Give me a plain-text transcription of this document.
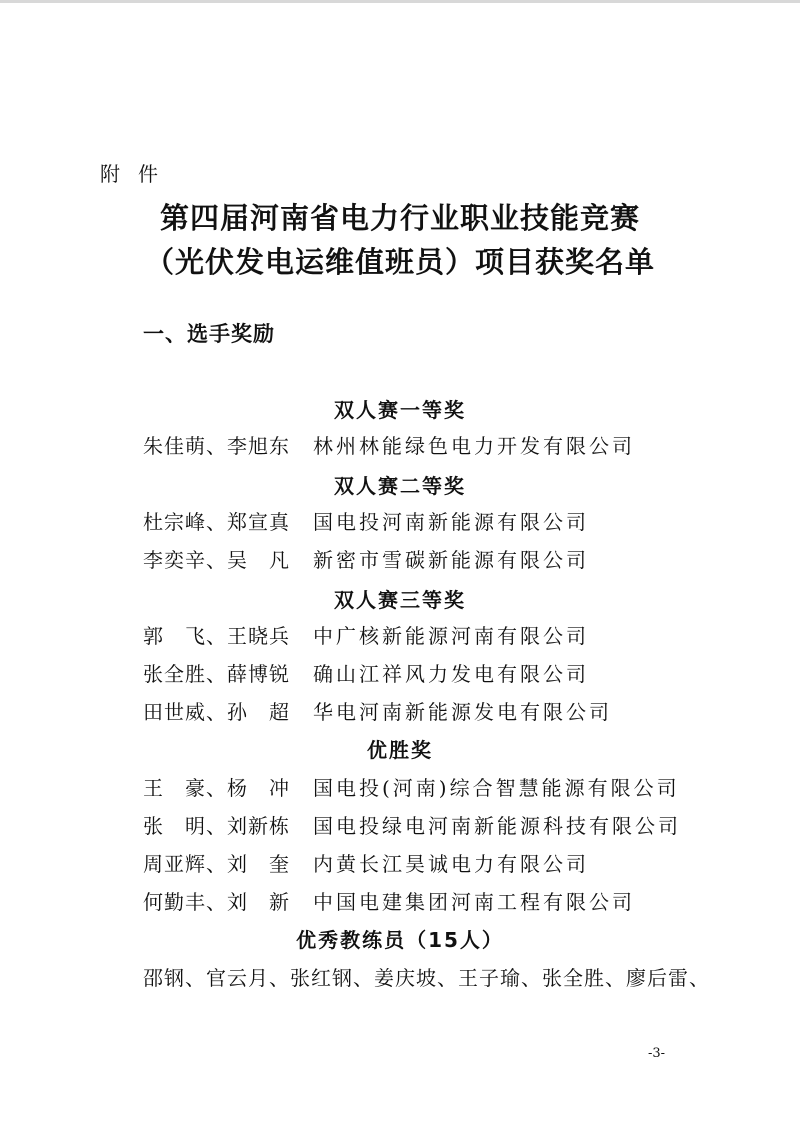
附件
第四届河南省电力行业职业技能竞赛
（光伏发电运维值班员）项目获奖名单
一、选手奖励
双人赛一等奖
朱佳萌、李旭东 林州林能绿色电力开发有限公司
双人赛二等奖
杜宗峰、郑宣真 国电投河南新能源有限公司
李奕辛、吴　凡 新密市雪碳新能源有限公司
双人赛三等奖
郭　飞、王晓兵 中广核新能源河南有限公司
张全胜、薛博锐 确山江祥风力发电有限公司
田世威、孙　超 华电河南新能源发电有限公司
优胜奖
王　豪、杨　冲 国电投(河南)综合智慧能源有限公司
张　明、刘新栋 国电投绿电河南新能源科技有限公司
周亚辉、刘　奎 内黄长江昊诚电力有限公司
何勤丰、刘　新 中国电建集团河南工程有限公司
优秀教练员（15人）
邵钢、官云月、张红钢、姜庆坡、王子瑜、张全胜、廖后雷、
-3-
